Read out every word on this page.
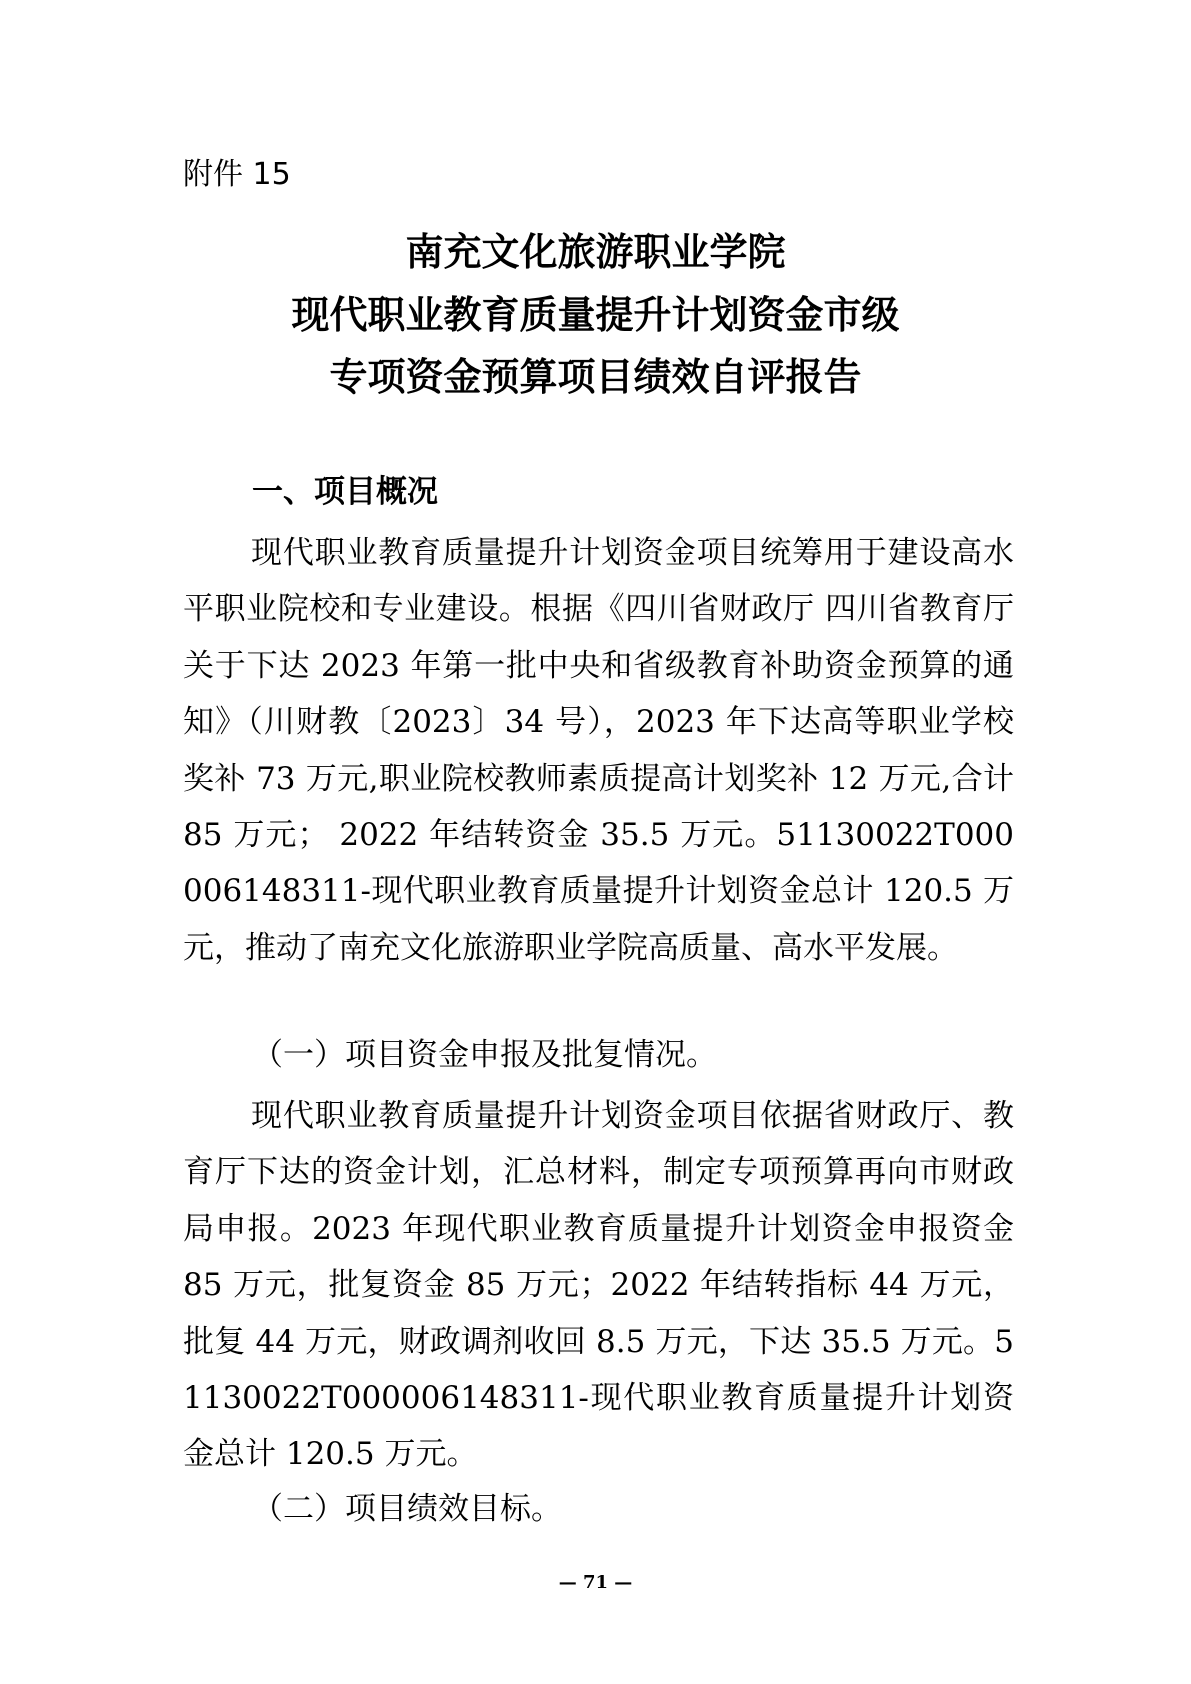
附件 15
南充文化旅游职业学院
现代职业教育质量提升计划资金市级
专项资金预算项目绩效自评报告
一、项目概况
现代职业教育质量提升计划资金项目统筹用于建设高水平职业院校和专业建设。根据《四川省财政厅 四川省教育厅关于下达 2023 年第一批中央和省级教育补助资金预算的通知》（川财教〔2023〕34 号），2023 年下达高等职业学校奖补 73 万元,职业院校教师素质提高计划奖补 12 万元,合计 85 万元； 2022 年结转资金 35.5 万元。51130022T000006148311-现代职业教育质量提升计划资金总计 120.5 万元，推动了南充文化旅游职业学院高质量、高水平发展。
（一）项目资金申报及批复情况。
现代职业教育质量提升计划资金项目依据省财政厅、教育厅下达的资金计划，汇总材料，制定专项预算再向市财政局申报。2023 年现代职业教育质量提升计划资金申报资金 85 万元，批复资金 85 万元；2022 年结转指标 44 万元，批复 44 万元，财政调剂收回 8.5 万元，下达 35.5 万元。51130022T000006148311-现代职业教育质量提升计划资金总计 120.5 万元。
（二）项目绩效目标。
— 71 —
